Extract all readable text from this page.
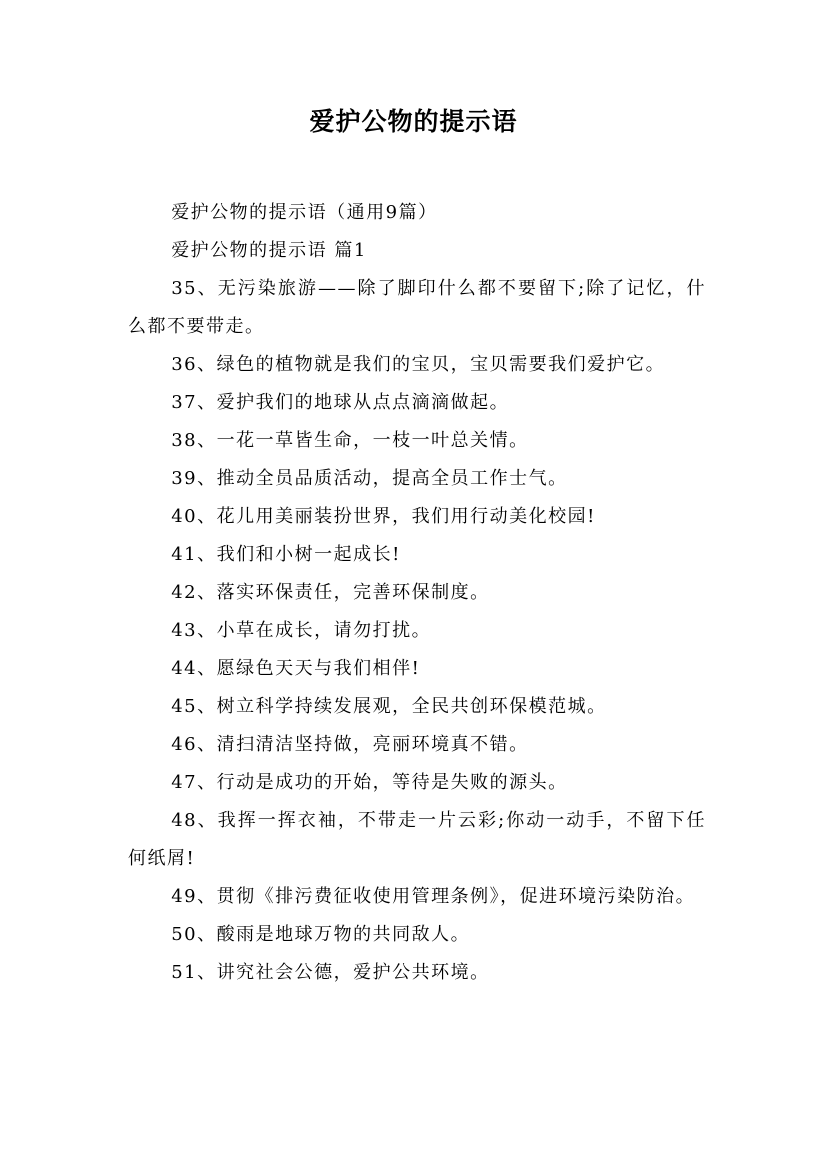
爱护公物的提示语

爱护公物的提示语（通用9篇）

爱护公物的提示语 篇1

35、无污染旅游——除了脚印什么都不要留下;除了记忆，什么都不要带走。

36、绿色的植物就是我们的宝贝，宝贝需要我们爱护它。

37、爱护我们的地球从点点滴滴做起。

38、一花一草皆生命，一枝一叶总关情。

39、推动全员品质活动，提高全员工作士气。

40、花儿用美丽装扮世界，我们用行动美化校园!

41、我们和小树一起成长!

42、落实环保责任，完善环保制度。

43、小草在成长，请勿打扰。

44、愿绿色天天与我们相伴!

45、树立科学持续发展观，全民共创环保模范城。

46、清扫清洁坚持做，亮丽环境真不错。

47、行动是成功的开始，等待是失败的源头。

48、我挥一挥衣袖，不带走一片云彩;你动一动手，不留下任何纸屑!

49、贯彻《排污费征收使用管理条例》，促进环境污染防治。

50、酸雨是地球万物的共同敌人。

51、讲究社会公德，爱护公共环境。
